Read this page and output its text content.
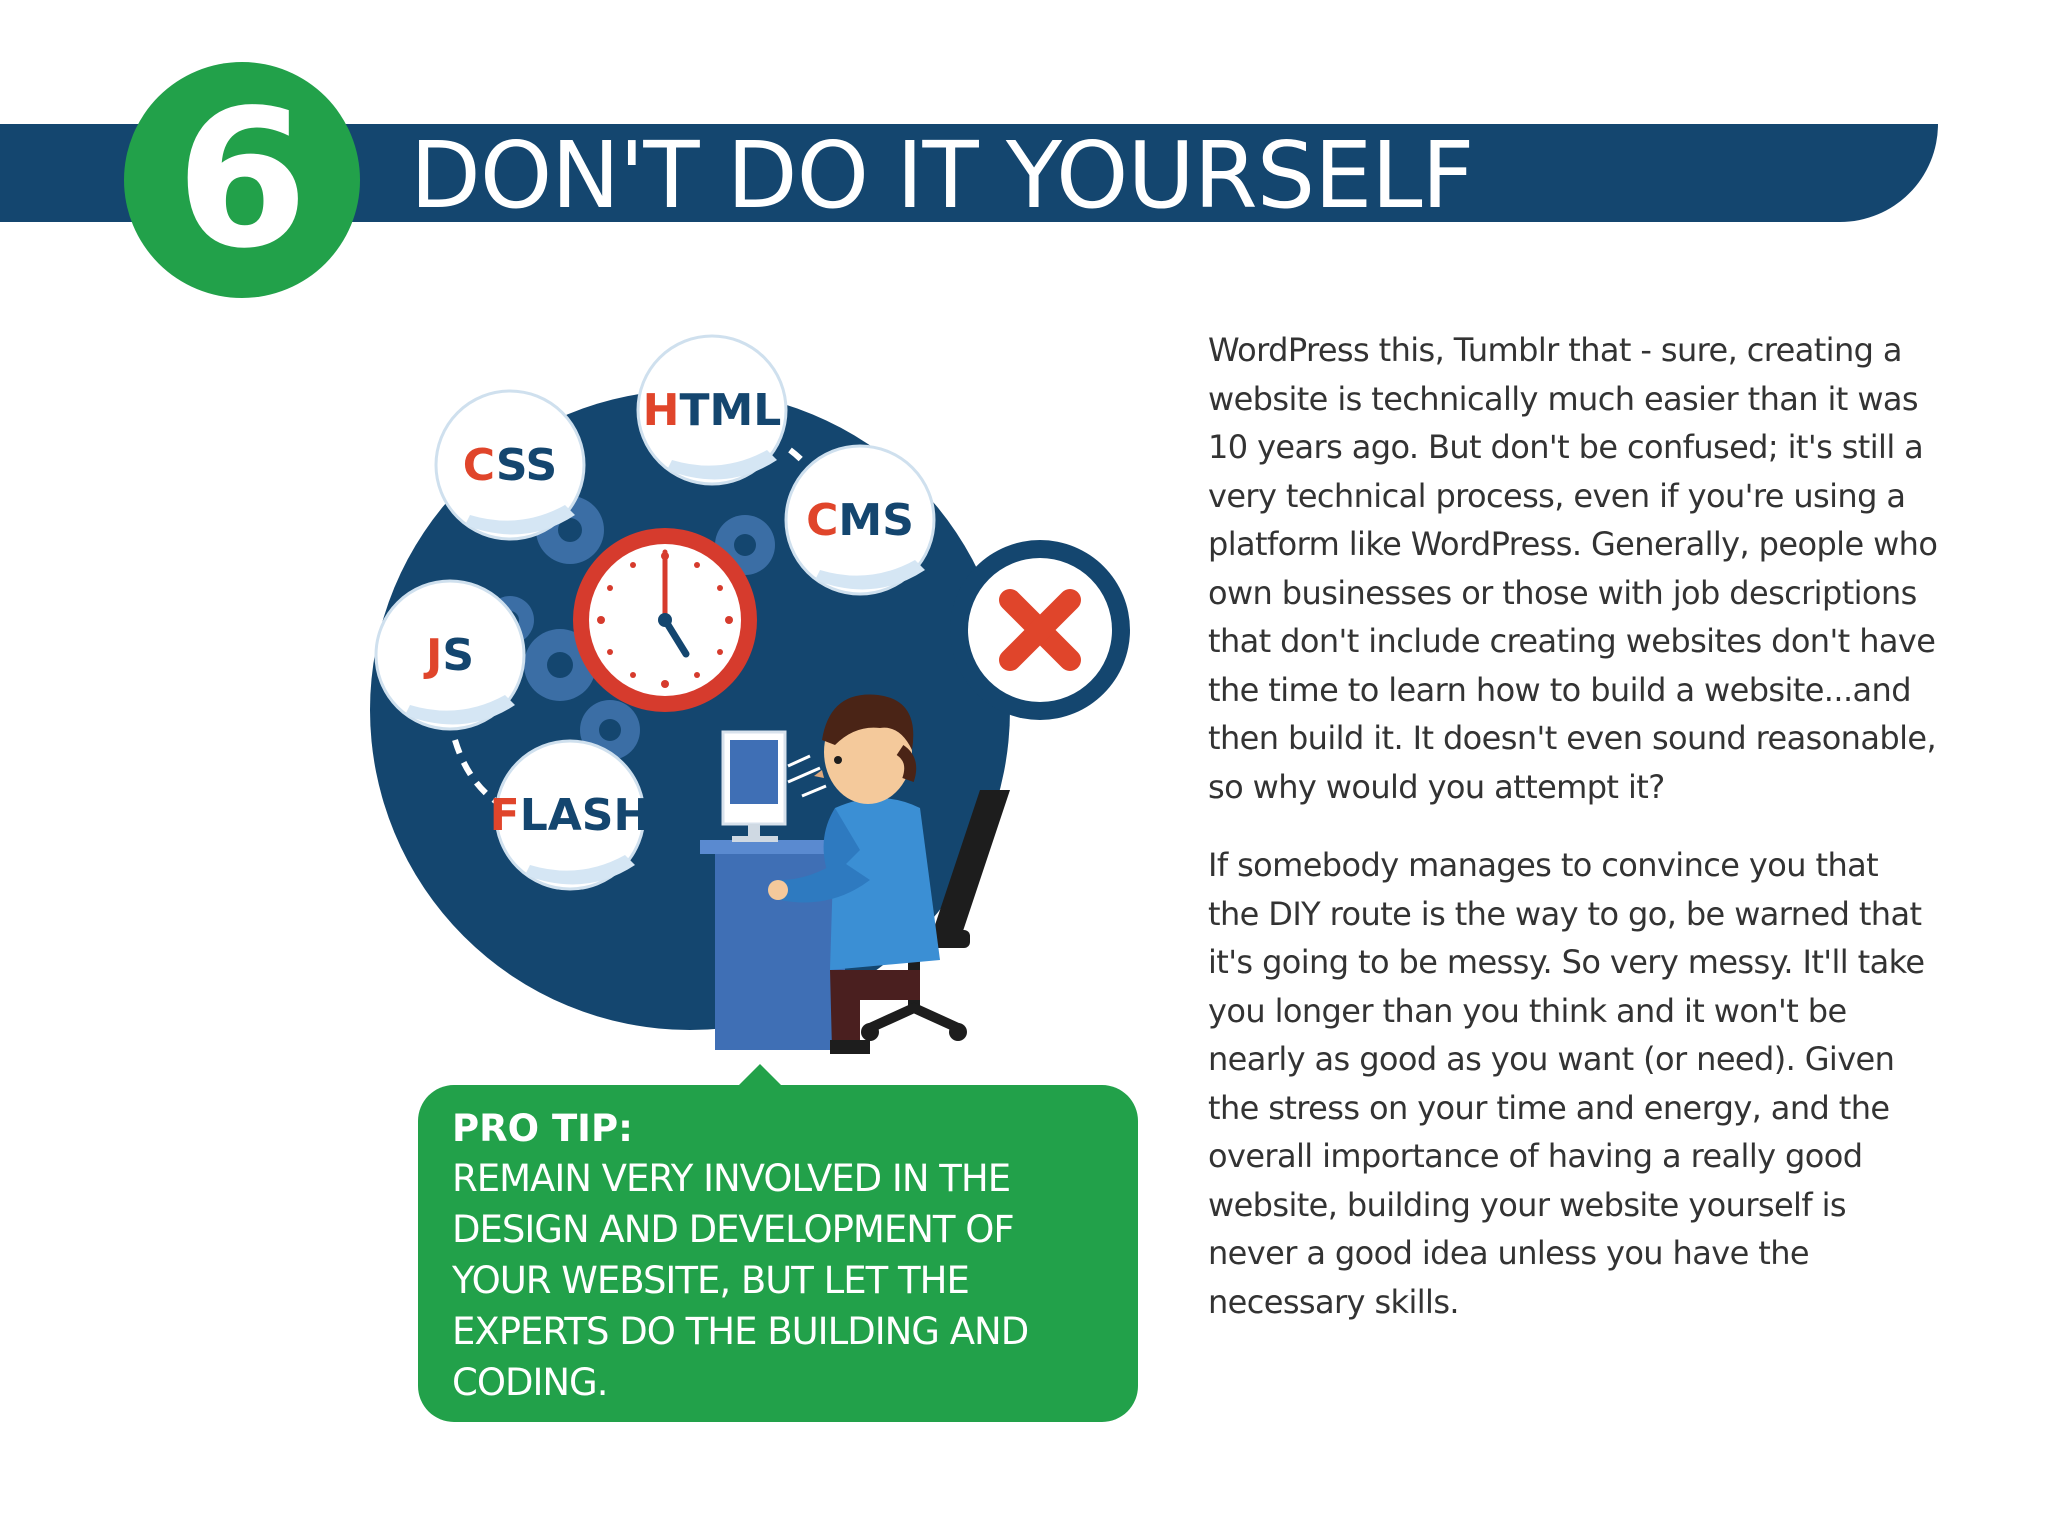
6	DON'T DO IT YOURSELF
CSS
HTML
CMS
JS
FLASH

PRO TIP:

REMAIN VERY INVOLVED IN THE DESIGN AND DEVELOPMENT OF YOUR WEBSITE, BUT LET THE EXPERTS DO THE BUILDING AND CODING.

WordPress this, Tumblr that - sure, creating a website is technically much easier than it was 10 years ago. But don't be confused; it's still a very technical process, even if you're using a platform like WordPress. Generally, people who own businesses or those with job descriptions that don't include creating websites don't have the time to learn how to build a website...and then build it. It doesn't even sound reasonable, so why would you attempt it?

If somebody manages to convince you that the DIY route is the way to go, be warned that it's going to be messy. So very messy. It'll take you longer than you think and it won't be nearly as good as you want (or need). Given the stress on your time and energy, and the overall importance of having a really good website, building your website yourself is never a good idea unless you have the necessary skills.
